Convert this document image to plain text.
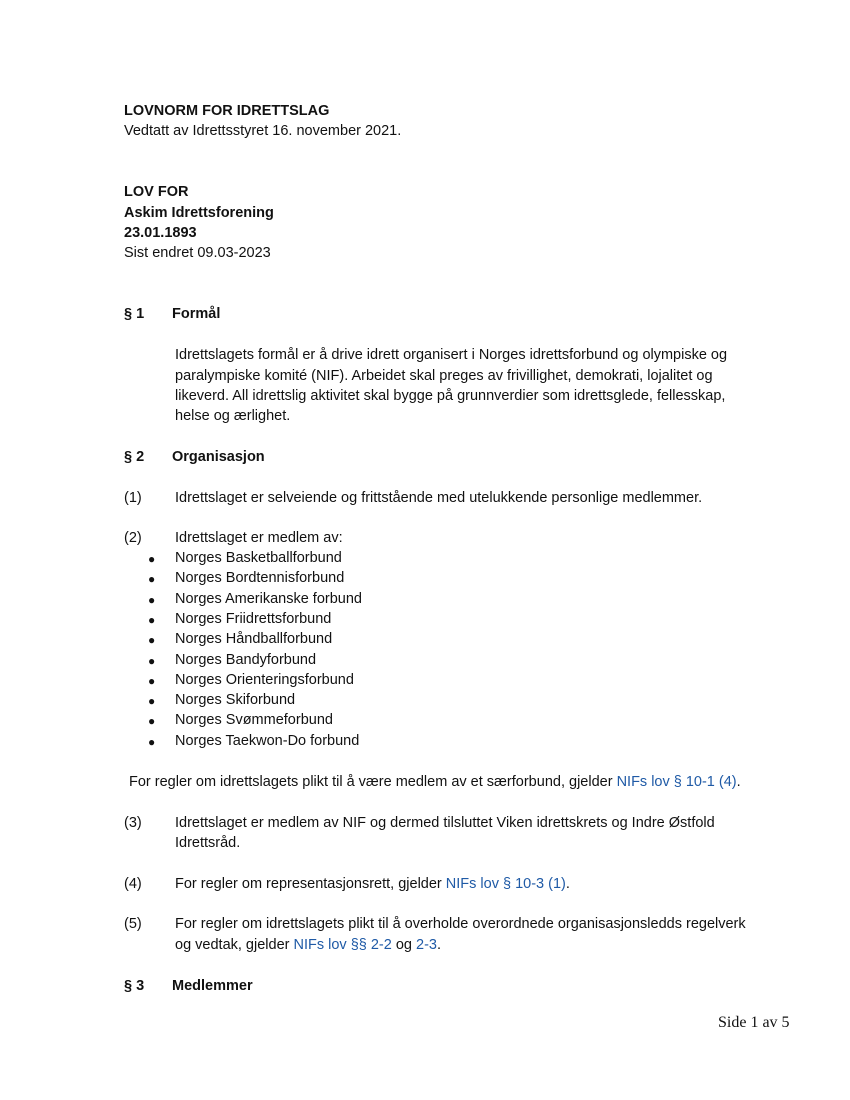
LOVNORM FOR IDRETTSLAG
Vedtatt av Idrettsstyret 16. november 2021.
LOV FOR
Askim Idrettsforening
23.01.1893
Sist endret 09.03-2023
§ 1 Formål
Idrettslagets formål er å drive idrett organisert i Norges idrettsforbund og olympiske og
paralympiske komité (NIF). Arbeidet skal preges av frivillighet, demokrati, lojalitet og
likeverd. All idrettslig aktivitet skal bygge på grunnverdier som idrettsglede, fellesskap,
helse og ærlighet.
§ 2 Organisasjon
(1) Idrettslaget er selveiende og frittstående med utelukkende personlige medlemmer.
(2) Idrettslaget er medlem av:
● Norges Basketballforbund
● Norges Bordtennisforbund
● Norges Amerikanske forbund
● Norges Friidrettsforbund
● Norges Håndballforbund
● Norges Bandyforbund
● Norges Orienteringsforbund
● Norges Skiforbund
● Norges Svømmeforbund
● Norges Taekwon-Do forbund
For regler om idrettslagets plikt til å være medlem av et særforbund, gjelder NIFs lov § 10-1 (4).
(3) Idrettslaget er medlem av NIF og dermed tilsluttet Viken idrettskrets og Indre Østfold
Idrettsråd.
(4) For regler om representasjonsrett, gjelder NIFs lov § 10-3 (1).
(5) For regler om idrettslagets plikt til å overholde overordnede organisasjonsledds regelverk
og vedtak, gjelder NIFs lov §§ 2-2 og 2-3.
§ 3 Medlemmer
Side 1 av 5
